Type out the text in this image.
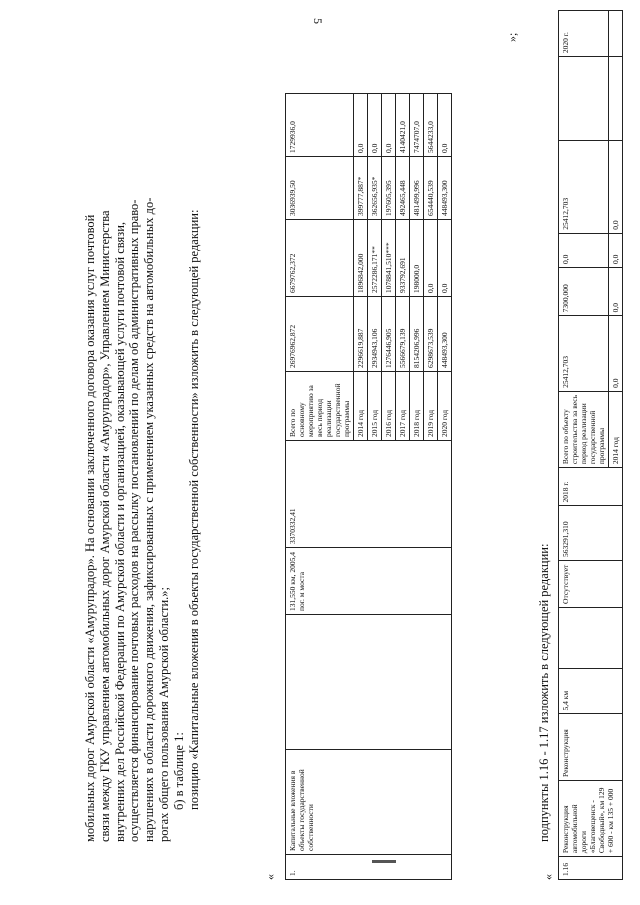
5
мобильных дорог Амурской области «Амурупрадор». На основании заключенного договора оказания услуг почтовой связи между ГКУ управлением автомобильных дорог Амурской области «Амурупрадор», Управлением Министерства внутренних дел Российской Федерации по Амурской области и организацией, оказывающей услуги почтовой связи, осуществляется финансирование почтовых расходов на рассылку постановлений по делам об административных право- нарушениях в области дорожного движения, зафиксированных с применением указанных средств на автомобильных до- рогах общего пользования Амурской области.»; б) в таблице 1: позицию «Капитальные вложения в объекты государственной собственности» изложить в следующей редакции:
«
1.	Капитальные вложения в объекты государственной собственности		131,550 км, 2005,4 пог. м моста	3370332,41	Всего по основному мероприятию за весь период реализации государственной программы	26976962,872	6679762,372	3036939,50	1729936,0
					2014 год	2296619,887	1896842,000	399777,887*	0,0
					2015 год	2934943,106	2572286,171**	362656,935*	0,0
					2016 год	1276446,905	1078841,510***	197605,395	0,0
					2017 год	5566679,139	933792,691	492465,448	4140421,0
					2018 год	8154206,996	198000,0	481499,996	7474707,0
					2019 год	6298673,539	0,0	654440,539	5644233,0
					2020 год	448493,300	0,0	448493,300	0,0
»;
подпункты 1.16 - 1.17 изложить в следующей редакции:
«
1.16	Реконструкция автомобильной дороги «Благовещенск - Свободный», км 129 + 600 - км 135 + 000	Реконструкция	5,4 км		Отсутствует	563291,310	2018 г.	Всего по объекту строительства за весь период реализации государственной программы	25412,703	7300,000	0,0	25412,703		2020 г.
								2014 год	0,0	0,0	0,0	0,0		
